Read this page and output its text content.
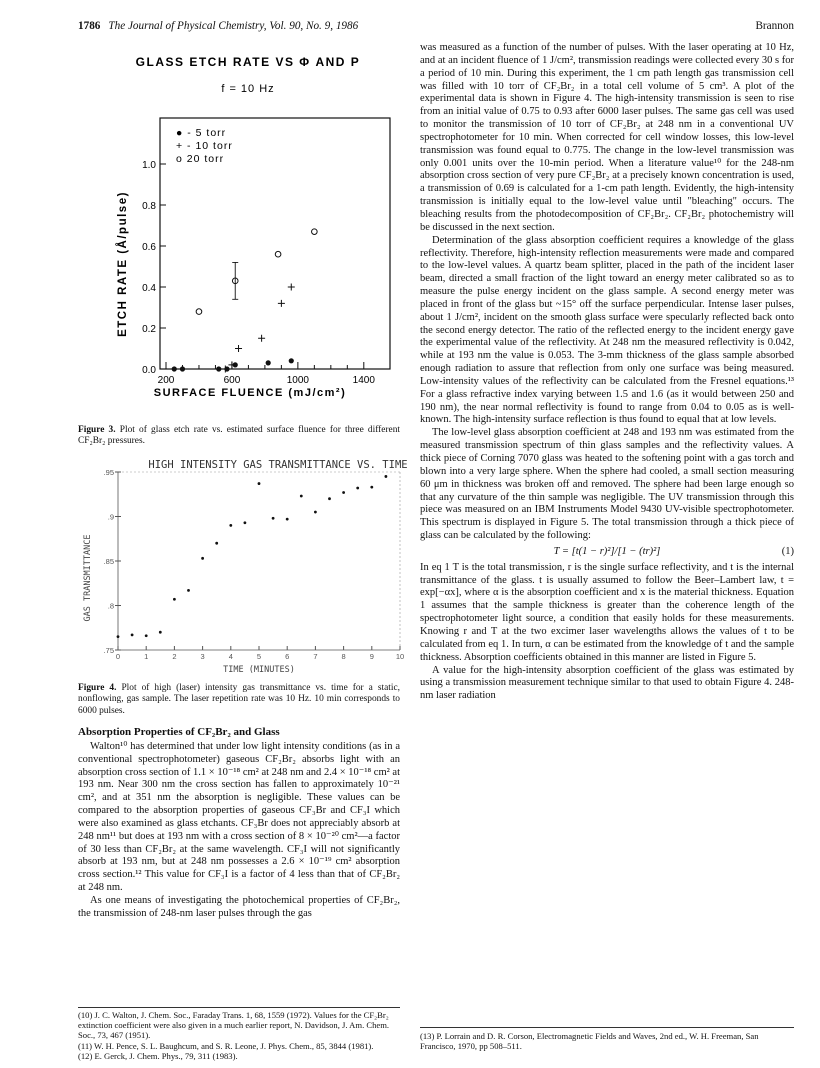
1786 The Journal of Physical Chemistry, Vol. 90, No. 9, 1986	Brannon
GLASS ETCH RATE VS Φ AND P
f = 10 Hz
ETCH RATE (Å/pulse)
SURFACE FLUENCE (mJ/cm²)
0.0
0.2
0.4
0.6
0.8
1.0
200	600	1000	1400
● - 5 torr
+ - 10 torr
o 20 torr
Figure 3. Plot of glass etch rate vs. estimated surface fluence for three different CF₂Br₂ pressures.
HIGH INTENSITY GAS TRANSMITTANCE VS. TIME
GAS TRANSMITTANCE
TIME (MINUTES)
.95
.9
.85
.8
.75
0	1	2	3	4	5	6	7	8	9	10
Figure 4. Plot of high (laser) intensity gas transmittance vs. time for a static, nonflowing, gas sample. The laser repetition rate was 10 Hz. 10 min corresponds to 6000 pulses.
Absorption Properties of CF₂Br₂ and Glass

Walton¹⁰ has determined that under low light intensity conditions (as in a conventional spectrophotometer) gaseous CF₂Br₂ absorbs light with an absorption cross section of 1.1 × 10⁻¹⁸ cm² at 248 nm and 2.4 × 10⁻¹⁸ cm² at 193 nm. Near 300 nm the cross section has fallen to approximately 10⁻²¹ cm², and at 351 nm the absorption is negligible. These values can be compared to the absorption properties of gaseous CF₃Br and CF₃I which were also examined as glass etchants. CF₃Br does not appreciably absorb at 248 nm¹¹ but does at 193 nm with a cross section of 8 × 10⁻²⁰ cm²—a factor of 30 less than CF₂Br₂ at the same wavelength. CF₃I will not significantly absorb at 193 nm, but at 248 nm possesses a 2.6 × 10⁻¹⁹ cm² absorption cross section.¹² This value for CF₃I is a factor of 4 less than that of CF₂Br₂ at 248 nm.

As one means of investigating the photochemical properties of CF₂Br₂, the transmission of 248-nm laser pulses through the gas

(10) J. C. Walton, J. Chem. Soc., Faraday Trans. 1, 68, 1559 (1972). Values for the CF₂Br₂ extinction coefficient were also given in a much earlier report, N. Davidson, J. Am. Chem. Soc., 73, 467 (1951).
(11) W. H. Pence, S. L. Baughcum, and S. R. Leone, J. Phys. Chem., 85, 3844 (1981).
(12) E. Gerck, J. Chem. Phys., 79, 311 (1983).

was measured as a function of the number of pulses. With the laser operating at 10 Hz, and at an incident fluence of 1 J/cm², transmission readings were collected every 30 s for a period of 10 min. During this experiment, the 1 cm path length gas transmission cell was filled with 10 torr of CF₂Br₂ in a total cell volume of 5 cm³. A plot of the experimental data is shown in Figure 4. The high-intensity transmission is seen to rise from an initial value of 0.75 to 0.93 after 6000 laser pulses. The same gas cell was used to monitor the transmission of 10 torr of CF₂Br₂ at 248 nm in a conventional UV spectrophotometer for 10 min. When corrected for cell window losses, this low-level transmission was found equal to 0.775. The change in the low-level transmission was only 0.001 units over the 10-min period. When a literature value¹⁰ for the 248-nm absorption cross section of very pure CF₂Br₂ at a precisely known concentration is used, a transmission of 0.69 is calculated for a 1-cm path length. Evidently, the high-intensity transmission is initially equal to the low-level value until "bleaching" occurs. The bleaching results from the photodecomposition of CF₂Br₂. CF₂Br₂ photochemistry will be discussed in the next section.

Determination of the glass absorption coefficient requires a knowledge of the glass reflectivity. Therefore, high-intensity reflection measurements were made and compared to the low-level values. A quartz beam splitter, placed in the path of the incident laser beam, directed a small fraction of the light toward an energy meter calibrated so as to measure the pulse energy incident on the glass sample. A second energy meter was placed in front of the glass but ~15° off the surface perpendicular. Intense laser pulses, about 1 J/cm², incident on the smooth glass surface were specularly reflected back onto the second energy detector. The ratio of the reflected energy to the incident energy gave the experimental value of the reflectivity. At 248 nm the measured reflectivity is 0.042, while at 193 nm the value is 0.053. The 3-mm thickness of the glass sample absorbed enough radiation to assure that reflection from only one surface was being measured. Low-intensity values of the reflectivity can be calculated from the Fresnel equations.¹³ For a glass refractive index varying between 1.5 and 1.6 (as it would between 250 and 190 nm), the near normal reflectivity is found to range from 0.04 to 0.05 as is well-known. The high-intensity surface reflection is thus found to equal that at low levels.

The low-level glass absorption coefficient at 248 and 193 nm was estimated from the measured transmission spectrum of thin glass samples and the reflectivity values. A thick piece of Corning 7070 glass was heated to the softening point with a gas torch and blown into a very large sphere. When the sphere had cooled, a small section measuring 60 μm in thickness was broken off and removed. The sphere had been large enough so that any curvature of the thin sample was negligible. The UV transmission through this piece was measured on an IBM Instruments Model 9430 UV-visible spectrophotometer. This spectrum is displayed in Figure 5. The total transmission through a thick piece of glass can be calculated by the following:

T = [t(1 − r)²]/[1 − (tr)²]	(1)

In eq 1 T is the total transmission, r is the single surface reflectivity, and t is the internal transmittance of the glass. t is usually assumed to follow the Beer–Lambert law, t = exp[−αx], where α is the absorption coefficient and x is the material thickness. Equation 1 assumes that the sample thickness is greater than the coherence length of the spectrophotometer light source, a condition that easily holds for these measurements. Knowing r and T at the two excimer laser wavelengths allows the values of t to be calculated from eq 1. In turn, α can be estimated from the knowledge of t and the sample thickness. Absorption coefficients obtained in this manner are listed in Figure 5.

A value for the high-intensity absorption coefficient of the glass was estimated by using a transmission measurement technique similar to that used to obtain Figure 4. 248-nm laser radiation

(13) P. Lorrain and D. R. Corson, Electromagnetic Fields and Waves, 2nd ed., W. H. Freeman, San Francisco, 1970, pp 508–511.
